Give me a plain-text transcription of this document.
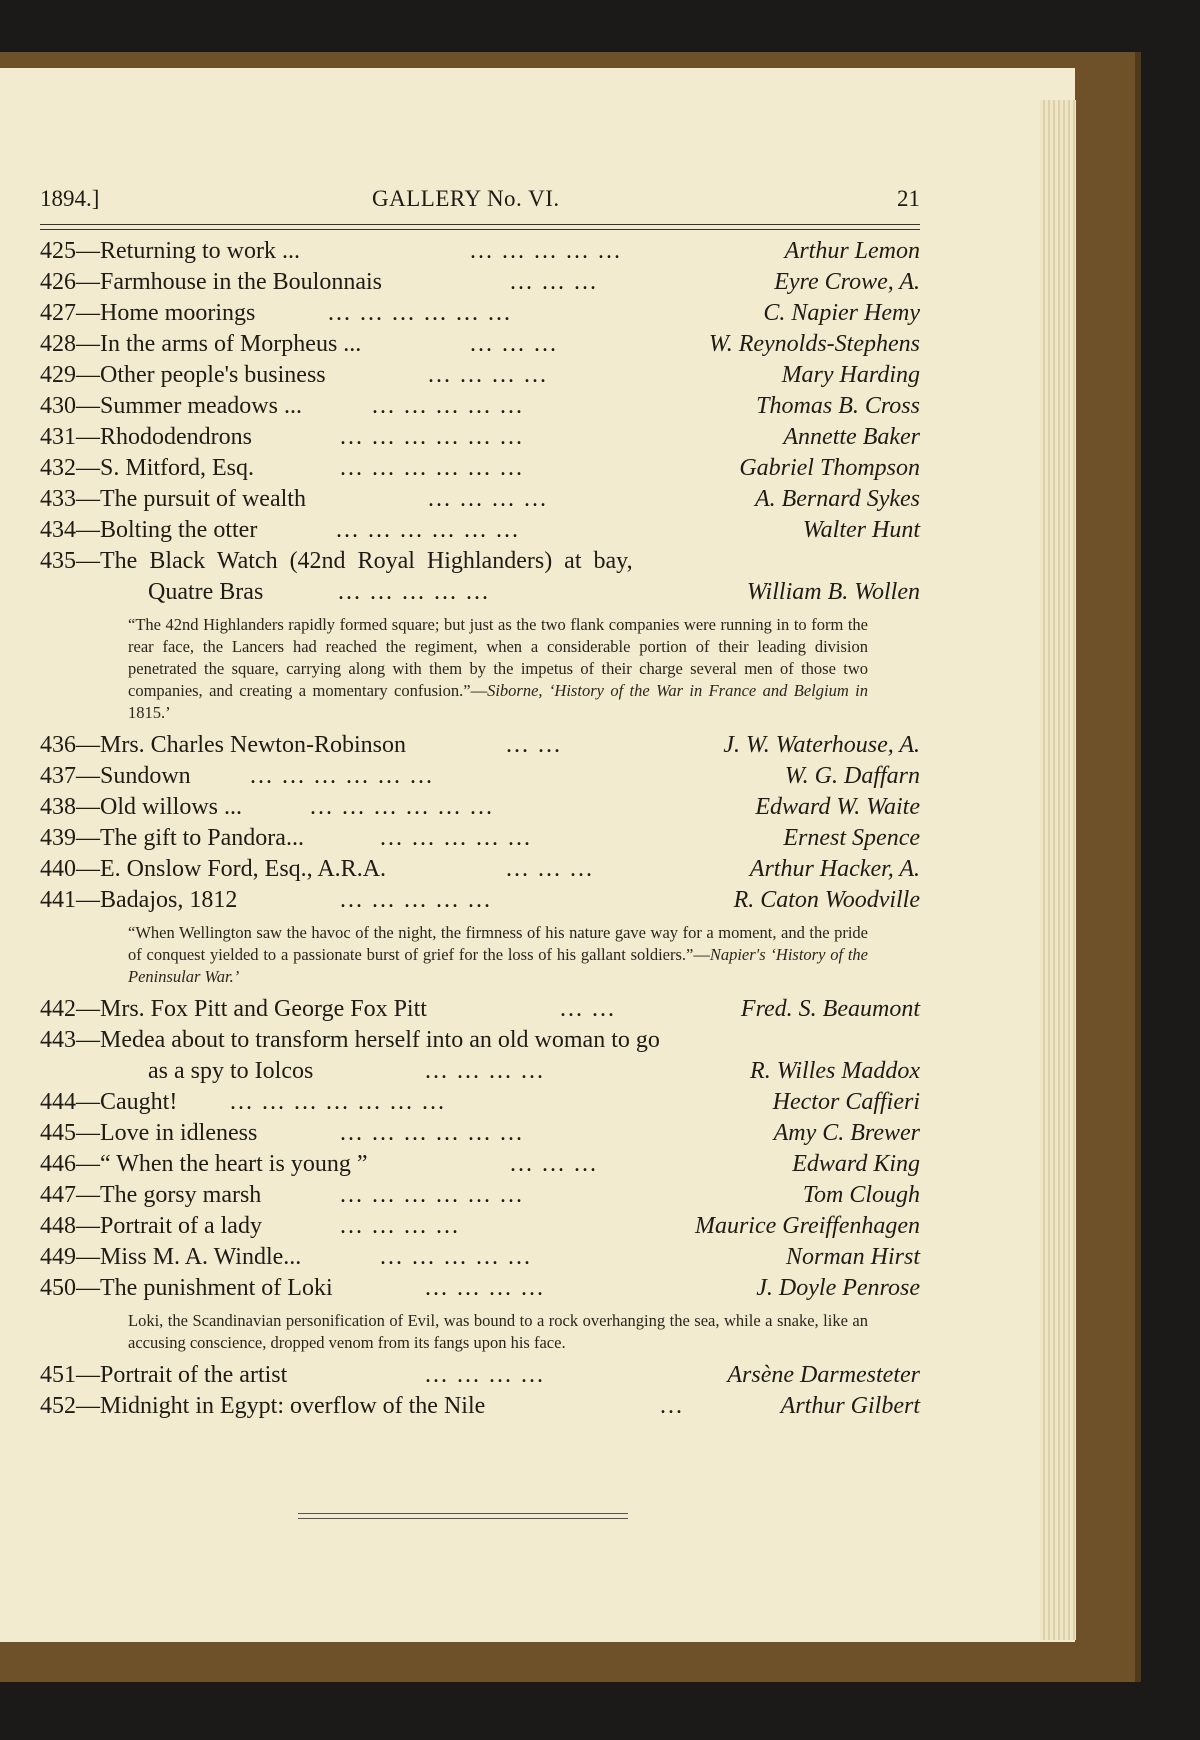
1894.]	GALLERY No. VI.	21
425—Returning to work ...	... ... ... ... ...	Arthur Lemon
426—Farmhouse in the Boulonnais	... ... ...	Eyre Crowe, A.
427—Home moorings	... ... ... ... ... ...	C. Napier Hemy
428—In the arms of Morpheus ...	... ... ...	W. Reynolds-Stephens
429—Other people's business	... ... ... ...	Mary Harding
430—Summer meadows ...	... ... ... ... ...	Thomas B. Cross
431—Rhododendrons	... ... ... ... ... ...	Annette Baker
432—S. Mitford, Esq.	... ... ... ... ... ...	Gabriel Thompson
433—The pursuit of wealth	... ... ... ...	A. Bernard Sykes
434—Bolting the otter	... ... ... ... ... ...	Walter Hunt
435—The Black Watch (42nd Royal Highlanders) at bay,
Quatre Bras	... ... ... ... ...	William B. Wollen

“The 42nd Highlanders rapidly formed square; but just as the two flank companies were running in to form the rear face, the Lancers had reached the regiment, when a considerable portion of their leading division penetrated the square, carrying along with them by the impetus of their charge several men of those two companies, and creating a momentary confusion.”—Siborne, ‘History of the War in France and Belgium in 1815.’

436—Mrs. Charles Newton-Robinson	... ...	J. W. Waterhouse, A.
437—Sundown ... ... ... ... ... ...	W. G. Daffarn
438—Old willows ...	... ... ... ... ... ...	Edward W. Waite
439—The gift to Pandora...	... ... ... ... ...	Ernest Spence
440—E. Onslow Ford, Esq., A.R.A.	... ... ...	Arthur Hacker, A.
441—Badajos, 1812	... ... ... ... ...	R. Caton Woodville

“When Wellington saw the havoc of the night, the firmness of his nature gave way for a moment, and the pride of conquest yielded to a passionate burst of grief for the loss of his gallant soldiers.”—Napier's ‘History of the Peninsular War.’

442—Mrs. Fox Pitt and George Fox Pitt	... ...	Fred. S. Beaumont
443—Medea about to transform herself into an old woman to go
as a spy to Iolcos	... ... ... ...	R. Willes Maddox
444—Caught! ... ... ... ... ... ... ...	Hector Caffieri
445—Love in idleness	... ... ... ... ... ...	Amy C. Brewer
446—“ When the heart is young ”	... ... ...	Edward King
447—The gorsy marsh	... ... ... ... ... ...	Tom Clough
448—Portrait of a lady	... ... ... ...	Maurice Greiffenhagen
449—Miss M. A. Windle...	... ... ... ... ...	Norman Hirst
450—The punishment of Loki	... ... ... ...	J. Doyle Penrose

Loki, the Scandinavian personification of Evil, was bound to a rock overhanging the sea, while a snake, like an accusing conscience, dropped venom from its fangs upon his face.

451—Portrait of the artist	... ... ... ...	Arsène Darmesteter
452—Midnight in Egypt: overflow of the Nile	...	Arthur Gilbert
